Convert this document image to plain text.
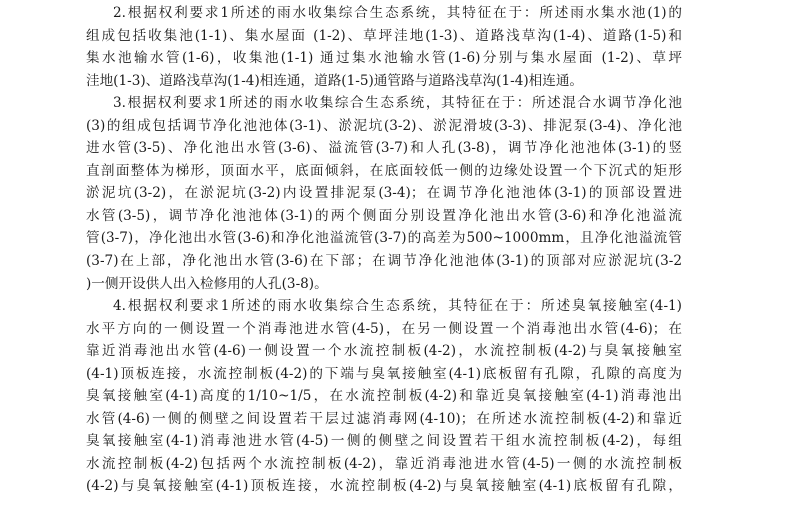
2.根据权利要求1所述的雨水收集综合生态系统，其特征在于：所述雨水集水池(1)的
组成包括收集池(1-1)、集水屋面 (1-2)、草坪洼地(1-3)、道路浅草沟(1-4)、道路(1-5)和
集水池输水管(1-6)，收集池(1-1) 通过集水池输水管(1-6)分别与集水屋面 (1-2)、草坪
洼地(1-3)、道路浅草沟(1-4)相连通，道路(1-5)通管路与道路浅草沟(1-4)相连通。
3.根据权利要求1所述的雨水收集综合生态系统，其特征在于：所述混合水调节净化池
(3)的组成包括调节净化池池体(3-1)、淤泥坑(3-2)、淤泥滑坡(3-3)、排泥泵(3-4)、净化池
进水管(3-5)、净化池出水管(3-6)、溢流管(3-7)和人孔(3-8)，调节净化池池体(3-1)的竖
直剖面整体为梯形，顶面水平，底面倾斜，在底面较低一侧的边缘处设置一个下沉式的矩形
淤泥坑(3-2)，在淤泥坑(3-2)内设置排泥泵(3-4)；在调节净化池池体(3-1)的顶部设置进
水管(3-5)，调节净化池池体(3-1)的两个侧面分别设置净化池出水管(3-6)和净化池溢流
管(3-7)，净化池出水管(3-6)和净化池溢流管(3-7)的高差为500~1000mm，且净化池溢流管
(3-7)在上部，净化池出水管(3-6)在下部；在调节净化池池体(3-1)的顶部对应淤泥坑(3-2
)一侧开设供人出入检修用的人孔(3-8)。
4.根据权利要求1所述的雨水收集综合生态系统，其特征在于：所述臭氧接触室(4-1)
水平方向的一侧设置一个消毒池进水管(4-5)，在另一侧设置一个消毒池出水管(4-6)；在
靠近消毒池出水管(4-6)一侧设置一个水流控制板(4-2)，水流控制板(4-2)与臭氧接触室
(4-1)顶板连接，水流控制板(4-2)的下端与臭氧接触室(4-1)底板留有孔隙，孔隙的高度为
臭氧接触室(4-1)高度的1/10~1/5，在水流控制板(4-2)和靠近臭氧接触室(4-1)消毒池出
水管(4-6)一侧的侧壁之间设置若干层过滤消毒网(4-10)；在所述水流控制板(4-2)和靠近
臭氧接触室(4-1)消毒池进水管(4-5)一侧的侧壁之间设置若干组水流控制板(4-2)，每组
水流控制板(4-2)包括两个水流控制板(4-2)，靠近消毒池进水管(4-5)一侧的水流控制板
(4-2)与臭氧接触室(4-1)顶板连接，水流控制板(4-2)与臭氧接触室(4-1)底板留有孔隙，
